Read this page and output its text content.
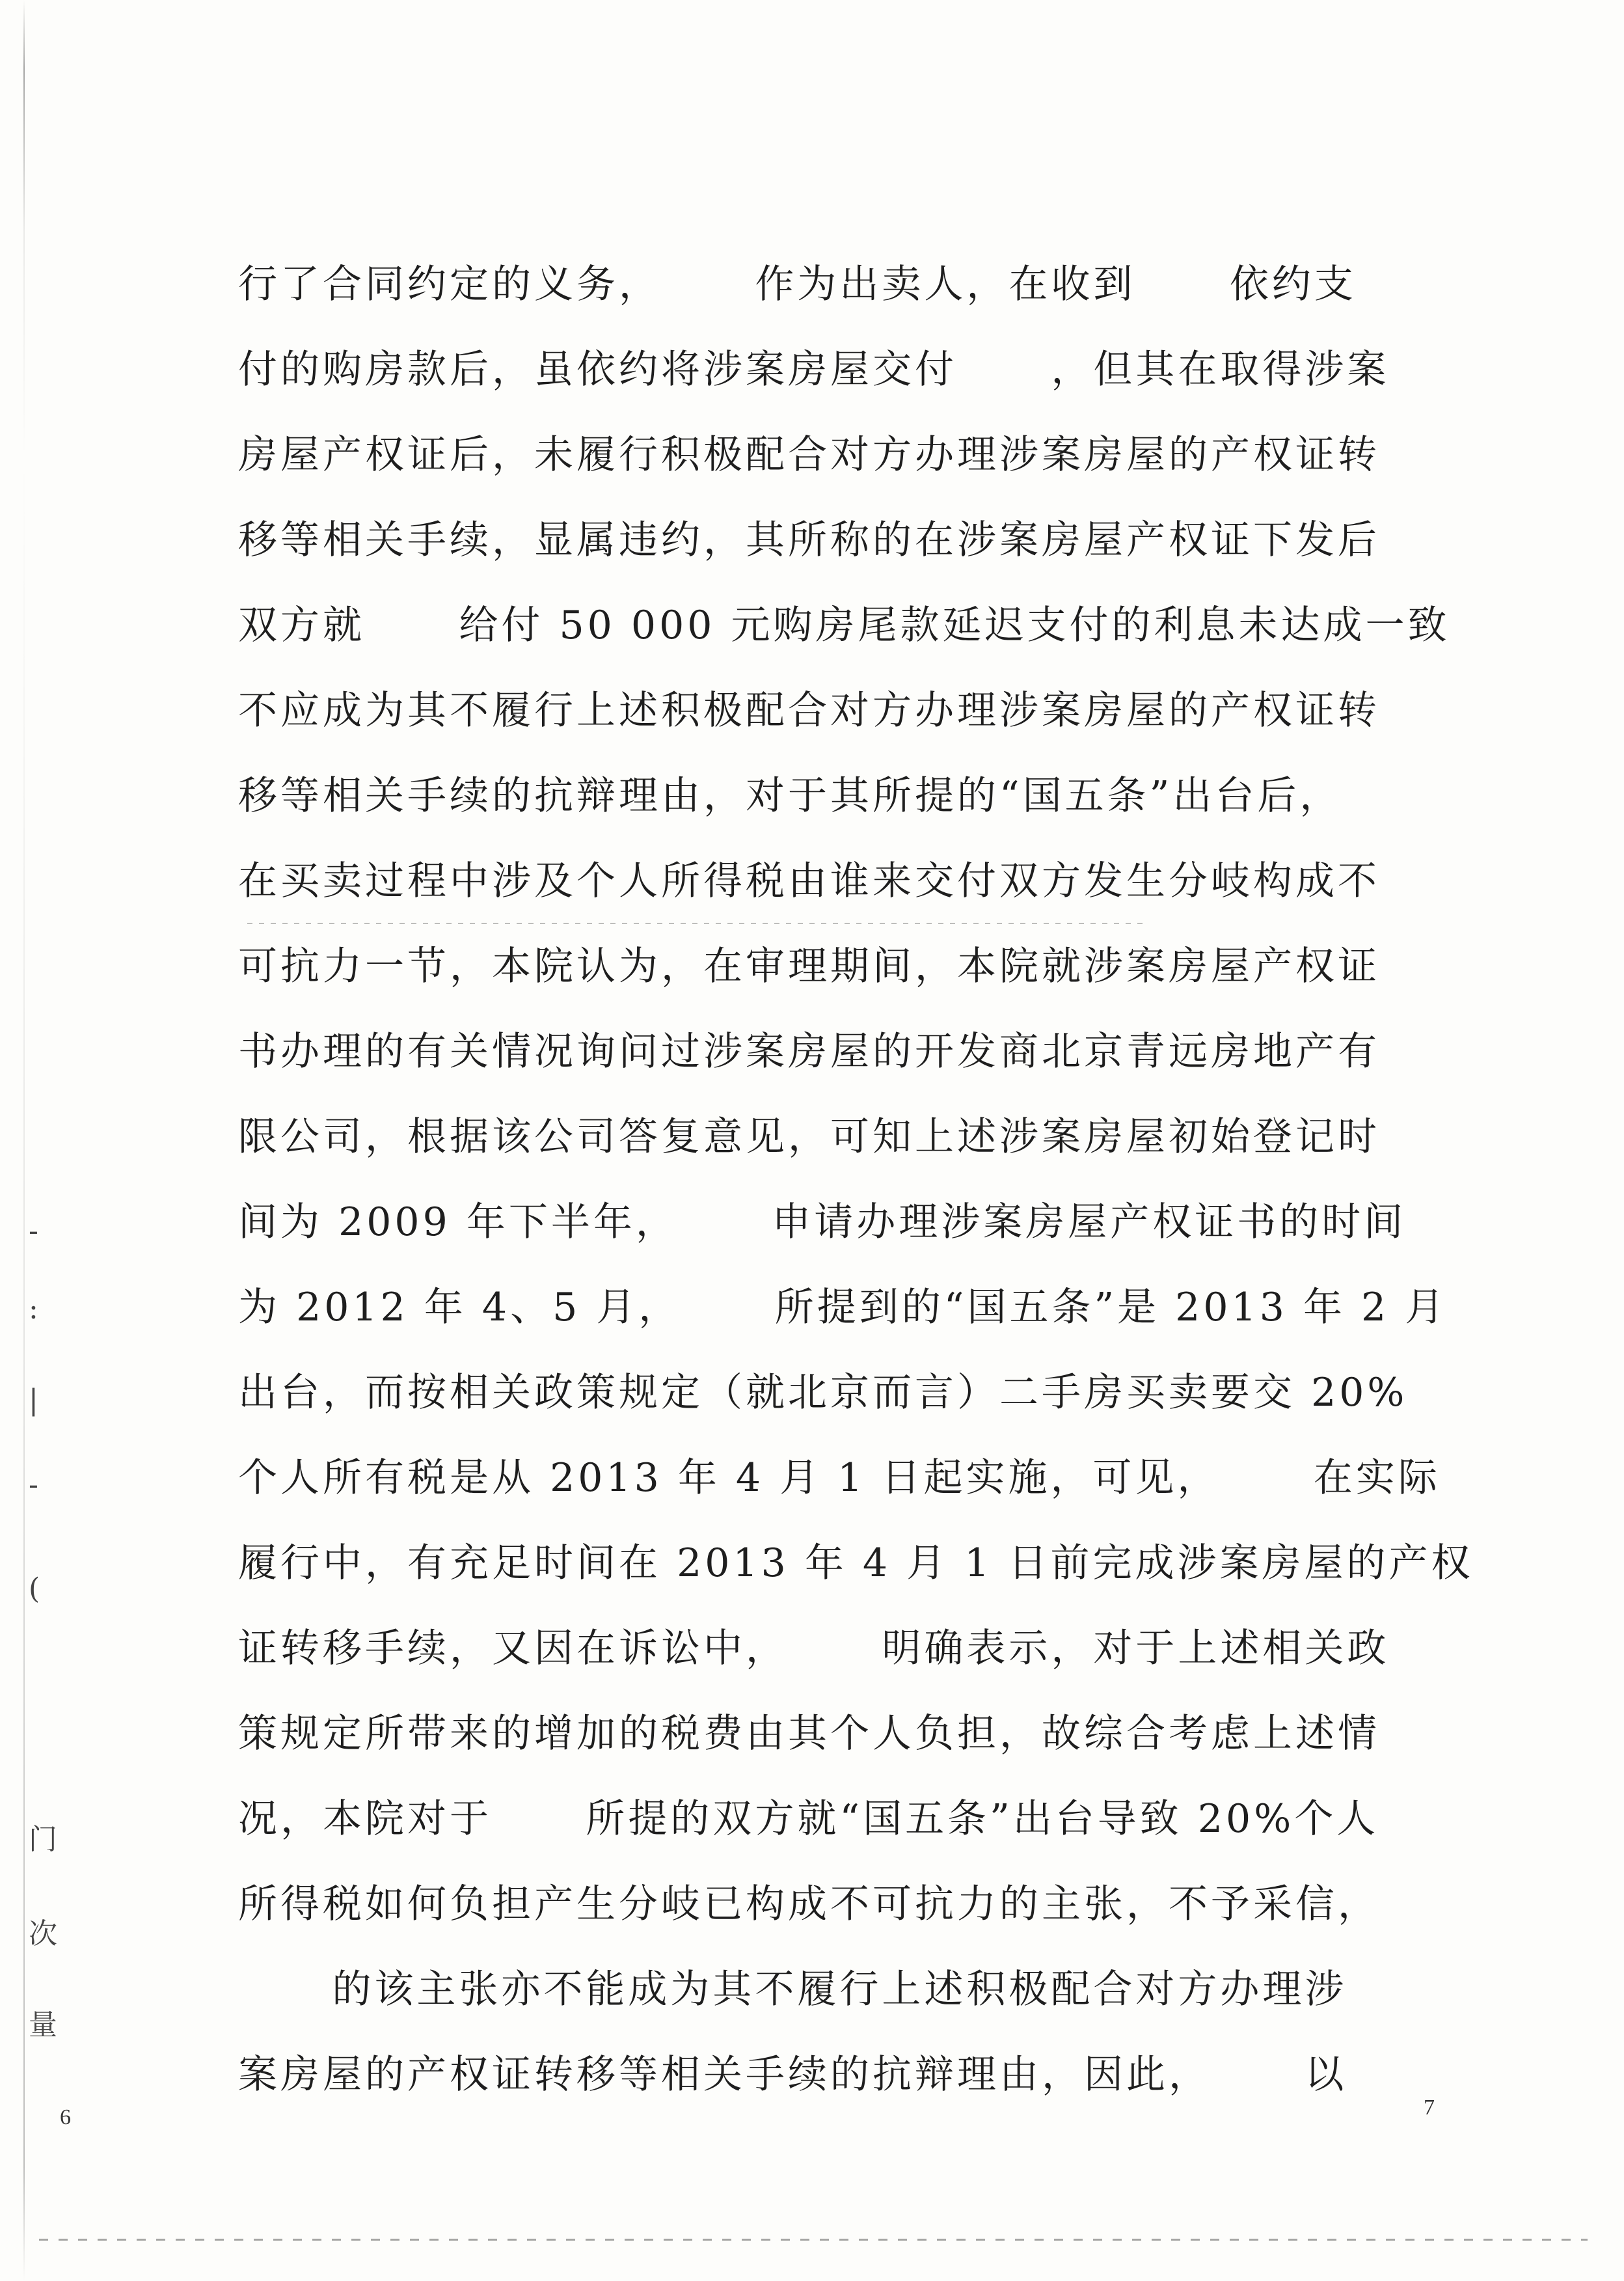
-
:
|
-
(
门
次
量
行了合同约定的义务，      作为出卖人，在收到      依约支
付的购房款后，虽依约将涉案房屋交付      ，但其在取得涉案
房屋产权证后，未履行积极配合对方办理涉案房屋的产权证转
移等相关手续，显属违约，其所称的在涉案房屋产权证下发后
双方就      给付 50 000 元购房尾款延迟支付的利息未达成一致
不应成为其不履行上述积极配合对方办理涉案房屋的产权证转
移等相关手续的抗辩理由，对于其所提的“国五条”出台后，
在买卖过程中涉及个人所得税由谁来交付双方发生分岐构成不
可抗力一节，本院认为，在审理期间，本院就涉案房屋产权证
书办理的有关情况询问过涉案房屋的开发商北京青远房地产有
限公司，根据该公司答复意见，可知上述涉案房屋初始登记时
间为 2009 年下半年，      申请办理涉案房屋产权证书的时间
为 2012 年 4、5 月，      所提到的“国五条”是 2013 年 2 月
出台，而按相关政策规定（就北京而言）二手房买卖要交 20%
个人所有税是从 2013 年 4 月 1 日起实施，可见，      在实际
履行中，有充足时间在 2013 年 4 月 1 日前完成涉案房屋的产权
证转移手续，又因在诉讼中，      明确表示，对于上述相关政
策规定所带来的增加的税费由其个人负担，故综合考虑上述情
况，本院对于      所提的双方就“国五条”出台导致 20%个人
所得税如何负担产生分岐已构成不可抗力的主张，不予采信，
的该主张亦不能成为其不履行上述积极配合对方办理涉
案房屋的产权证转移等相关手续的抗辩理由，因此，      以
6	7
